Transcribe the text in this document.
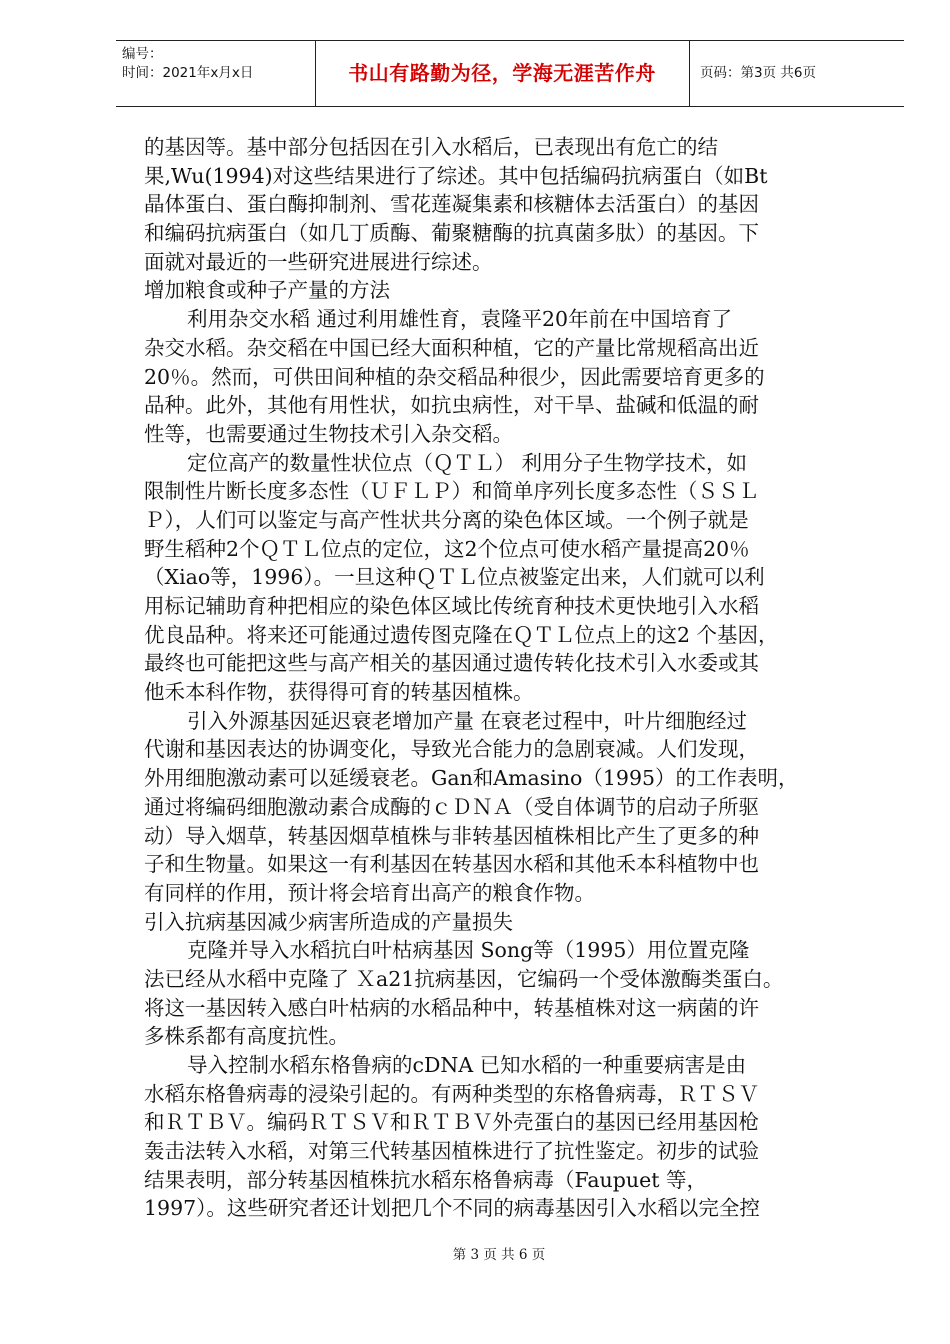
编号：
时间：2021年x月x日	书山有路勤为径，学海无涯苦作舟	页码：第3页 共6页
的基因等。基中部分包括因在引入水稻后，已表现出有危亡的结
果,Wu(1994)对这些结果进行了综述。其中包括编码抗病蛋白（如Bt
晶体蛋白、蛋白酶抑制剂、雪花莲凝集素和核糖体去活蛋白）的基因
和编码抗病蛋白（如几丁质酶、葡聚糖酶的抗真菌多肽）的基因。下
面就对最近的一些研究进展进行综述。
增加粮食或种子产量的方法
利用杂交水稻 通过利用雄性育，袁隆平20年前在中国培育了
杂交水稻。杂交稻在中国已经大面积种植，它的产量比常规稻高出近
20％。然而，可供田间种植的杂交稻品种很少，因此需要培育更多的
品种。此外，其他有用性状，如抗虫病性，对干旱、盐碱和低温的耐
性等，也需要通过生物技术引入杂交稻。
定位高产的数量性状位点（ＱＴＬ） 利用分子生物学技术，如
限制性片断长度多态性（ＵＦＬＰ）和简单序列长度多态性（ＳＳＬ
Ｐ），人们可以鉴定与高产性状共分离的染色体区域。一个例子就是
野生稻种2个ＱＴＬ位点的定位，这2个位点可使水稻产量提高20％
（Xiao等，1996）。一旦这种ＱＴＬ位点被鉴定出来，人们就可以利
用标记辅助育种把相应的染色体区域比传统育种技术更快地引入水稻
优良品种。将来还可能通过遗传图克隆在ＱＴＬ位点上的这2 个基因，
最终也可能把这些与高产相关的基因通过遗传转化技术引入水委或其
他禾本科作物，获得得可育的转基因植株。
引入外源基因延迟衰老增加产量 在衰老过程中，叶片细胞经过
代谢和基因表达的协调变化，导致光合能力的急剧衰减。人们发现，
外用细胞激动素可以延缓衰老。Gan和Amasino（1995）的工作表明，
通过将编码细胞激动素合成酶的ｃＤＮＡ（受自体调节的启动子所驱
动）导入烟草，转基因烟草植株与非转基因植株相比产生了更多的种
子和生物量。如果这一有利基因在转基因水稻和其他禾本科植物中也
有同样的作用，预计将会培育出高产的粮食作物。
引入抗病基因减少病害所造成的产量损失
克隆并导入水稻抗白叶枯病基因 Song等（1995）用位置克隆
法已经从水稻中克隆了 Ｘa21抗病基因，它编码一个受体激酶类蛋白。
将这一基因转入感白叶枯病的水稻品种中，转基植株对这一病菌的许
多株系都有高度抗性。
导入控制水稻东格鲁病的cDNA 已知水稻的一种重要病害是由
水稻东格鲁病毒的浸染引起的。有两种类型的东格鲁病毒，ＲＴＳＶ
和ＲＴＢＶ。编码ＲＴＳＶ和ＲＴＢＶ外壳蛋白的基因已经用基因枪
轰击法转入水稻，对第三代转基因植株进行了抗性鉴定。初步的试验
结果表明，部分转基因植株抗水稻东格鲁病毒（Faupuet 等，
1997）。这些研究者还计划把几个不同的病毒基因引入水稻以完全控
第 3 页 共 6 页
